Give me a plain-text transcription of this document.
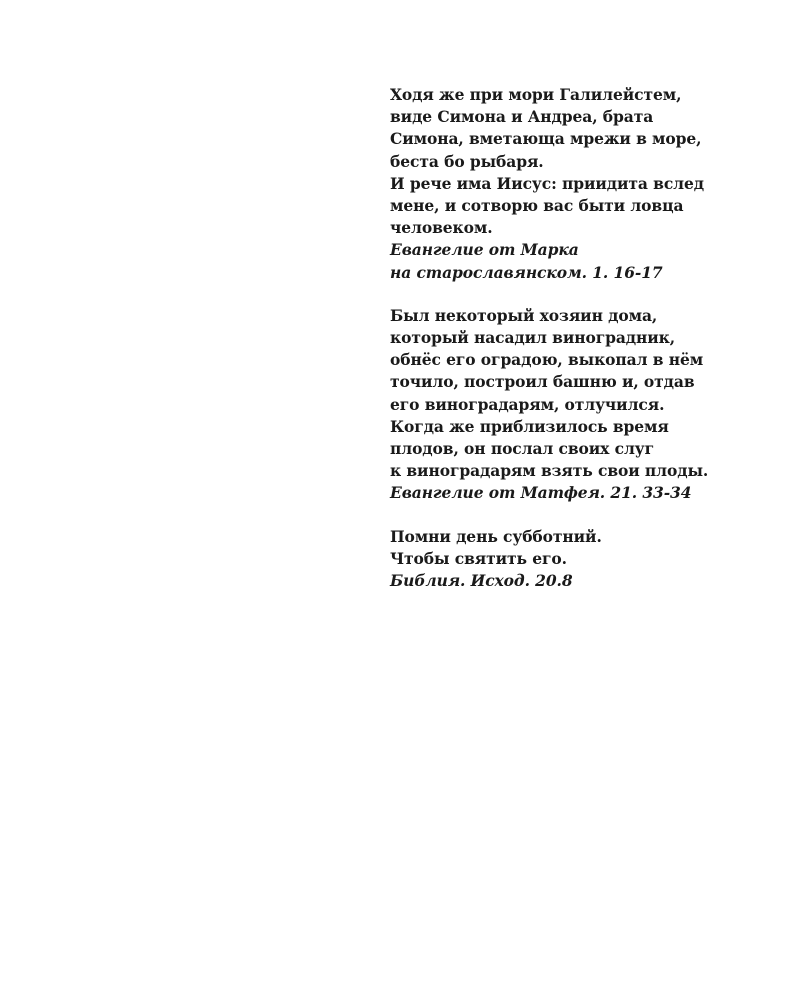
Ходя же при мори Галилейстем,
виде Симона и Андреа, брата
Симона, вметающа мрежи в море,
беста бо рыбаря.
И рече има Иисус: приидита вслед
мене, и сотворю вас быти ловца
человеком.
Евангелие от Марка
на старославянском. 1. 16-17
Был некоторый хозяин дома,
который насадил виноградник,
обнёс его оградою, выкопал в нём
точило, построил башню и, отдав
его виноградарям, отлучился.
Когда же приблизилось время
плодов, он послал своих слуг
к виноградарям взять свои плоды.
Евангелие от Матфея. 21. 33-34
Помни день субботний.
Чтобы святить его.
Библия. Исход. 20.8
